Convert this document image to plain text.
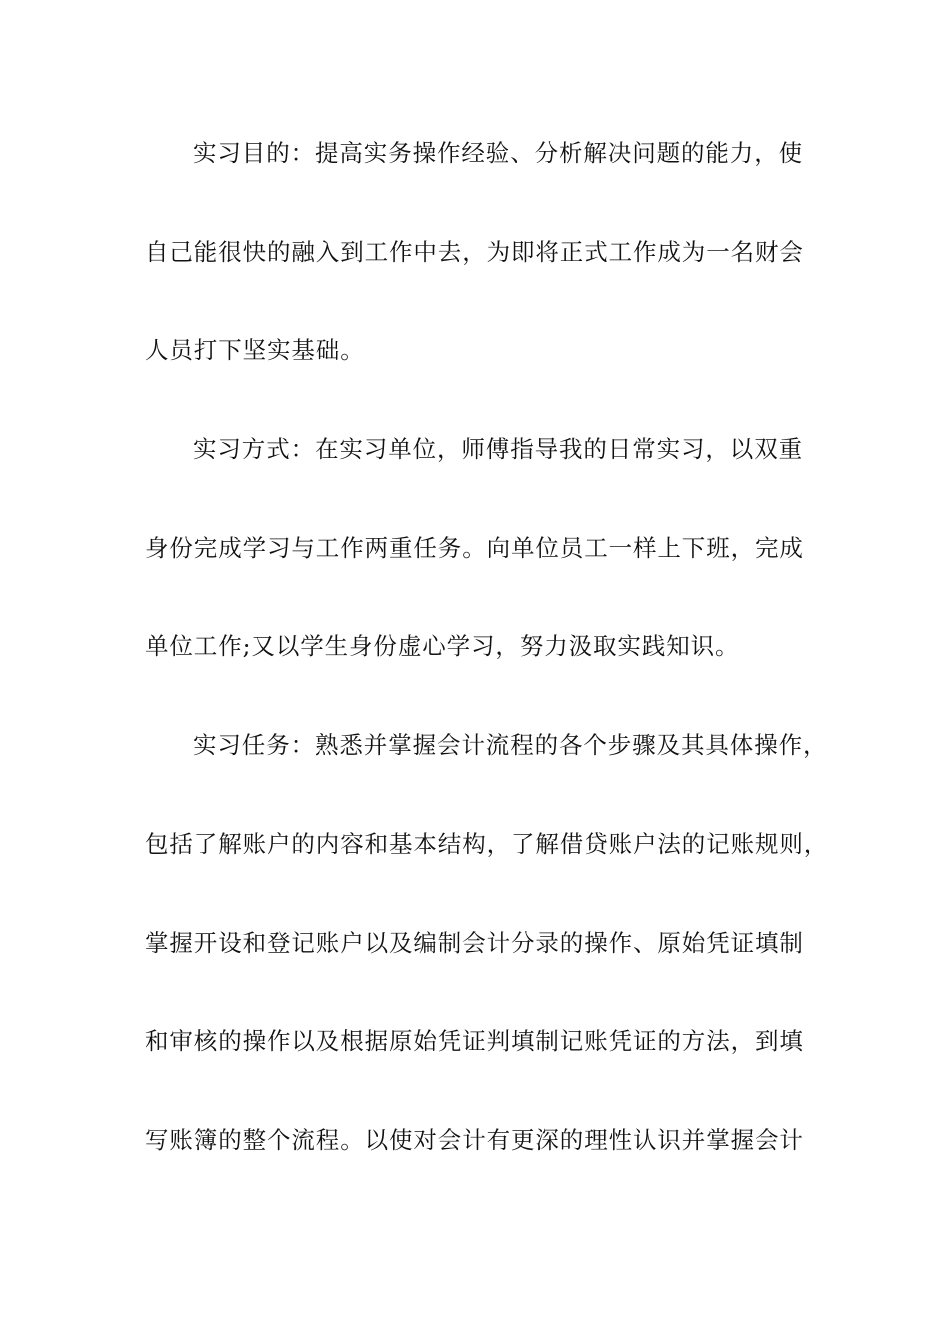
实习目的：提高实务操作经验、分析解决问题的能力，使
自己能很快的融入到工作中去，为即将正式工作成为一名财会
人员打下坚实基础。
实习方式：在实习单位，师傅指导我的日常实习，以双重
身份完成学习与工作两重任务。向单位员工一样上下班，完成
单位工作;又以学生身份虚心学习，努力汲取实践知识。
实习任务：熟悉并掌握会计流程的各个步骤及其具体操作，
包括了解账户的内容和基本结构，了解借贷账户法的记账规则，
掌握开设和登记账户以及编制会计分录的操作、原始凭证填制
和审核的操作以及根据原始凭证判填制记账凭证的方法，到填
写账簿的整个流程。以使对会计有更深的理性认识并掌握会计
